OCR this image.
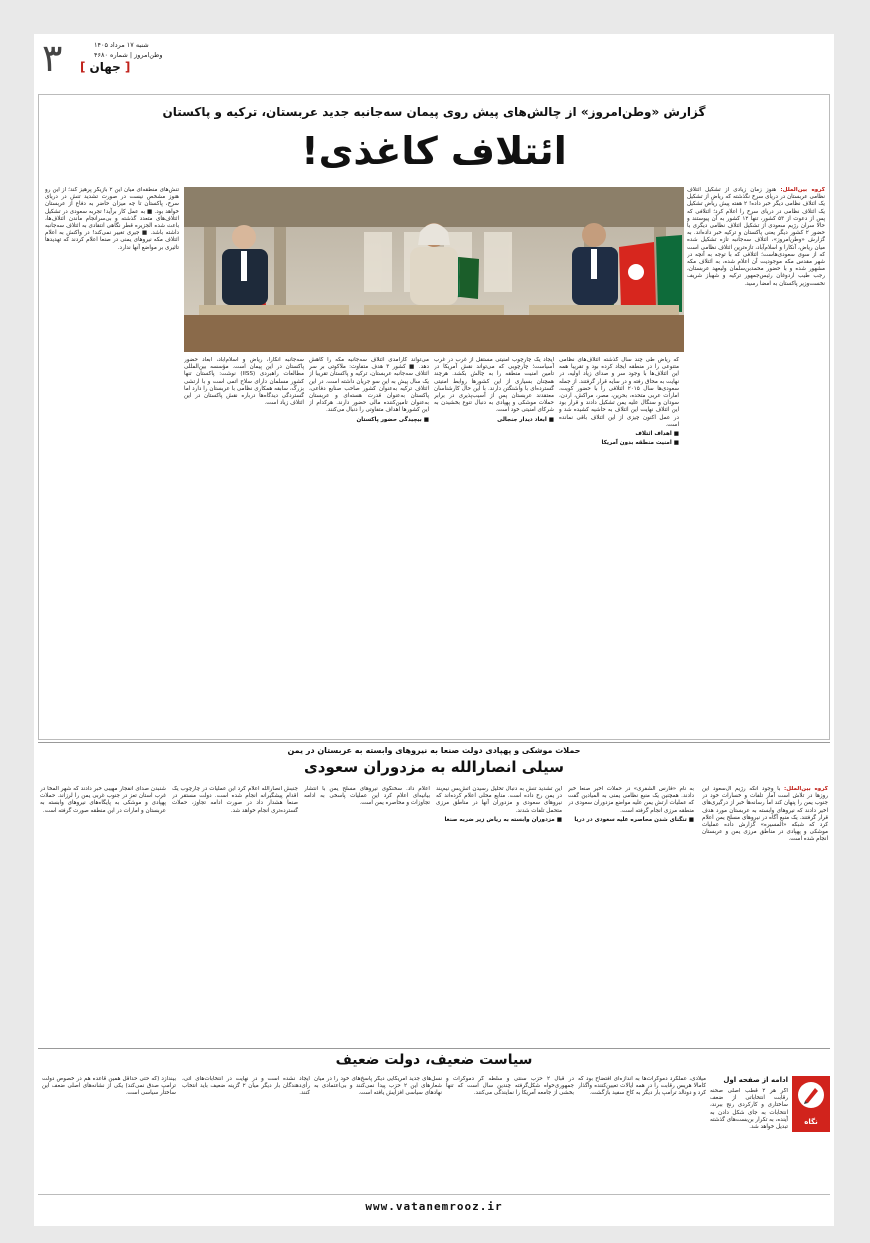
۳	شنبه ۱۷ مرداد ۱۴۰۵
وطن‌امروز | شماره ۴۶۸۰
[ جهان ]
گزارش «وطن‌امروز» از چالش‌های پیش روی پیمان سه‌جانبه جدید عربستان، ترکیه و پاکستان
ائتلاف کاغذی!
گروه بین‌الملل: هنوز زمان زیادی از تشکیل ائتلاف نظامی عربستان در دریای سرخ نگذشته که ریاض از تشکیل یک ائتلاف نظامی دیگر خبر داده! ۲ هفته پیش ریاض تشکیل یک ائتلاف نظامی در دریای سرخ را اعلام کرد؛ ائتلافی که پس از دعوت از ۵۳ کشور، تنها ۱۲ کشور به آن پیوستند و حالا سران رژیم سعودی از تشکیل ائتلاف نظامی دیگری با حضور ۲ کشور دیگر یعنی پاکستان و ترکیه خبر داده‌اند. به گزارش «وطن‌امروز»، ائتلاف سه‌جانبه تازه تشکیل شده میان ریاض، آنکارا و اسلام‌آباد، تازه‌ترین ائتلاف نظامی است که از سوی سعودی‌هاست؛ ائتلافی که با توجه به آنچه در شهر مقدس مکه موجودیت آن اعلام شده، به ائتلاف مکه مشهور شده و با حضور محمدبن‌سلمان ولیعهد عربستان، رجب طیب اردوغان رئیس‌جمهور ترکیه و شهباز شریف نخست‌وزیر پاکستان به امضا رسید.
که ریاض طی چند سال گذشته ائتلاف‌های نظامی متنوعی را در منطقه ایجاد کرده بود و تقریبا همه این ائتلاف‌ها با وجود سر و صدای زیاد اولیه، در نهایت به محاق رفته و در سایه قرار گرفتند. از جمله سعودی‌ها سال ۲۰۱۵ ائتلافی را با حضور کویت، امارات عربی متحده، بحرین، مصر، مراکش، اردن، سودان و سنگال علیه یمن تشکیل دادند و قرار بود این ائتلاف نهایت این ائتلاف به حاشیه کشیده شد و در عمل اکنون چیزی از این ائتلاف باقی نمانده است.
■ اهداف ائتلاف
■ امنیت منطقه بدون آمریکا
ایجاد یک چارچوب امنیتی مستقل از غرب در غرب آسیاست؛ چارچوبی که می‌تواند نقش آمریکا در تامین امنیت منطقه را به چالش بکشد. هرچند همچنان بسیاری از این کشورها روابط امنیتی گسترده‌ای با واشنگتن دارند. با این حال کارشناسان معتقدند عربستان پس از آسیب‌پذیری در برابر حملات موشکی و پهپادی به دنبال تنوع بخشیدن به شرکای امنیتی خود است.
■ ابعاد دیدار جنجالی
می‌تواند کارآمدی ائتلاف سه‌جانبه مکه را کاهش دهد. ■ کشور ۳ هدف متفاوت: ملاکوتی بر سر ائتلاف سه‌جانبه عربستان، ترکیه و پاکستان تقریبا از یک سال پیش به این سو جریان داشته است. در این ائتلاف ترکیه به‌عنوان کشور صاحب صنایع دفاعی، پاکستان به‌عنوان قدرت هسته‌ای و عربستان به‌عنوان تامین‌کننده مالی حضور دارند. هرکدام از این کشورها اهداف متفاوتی را دنبال می‌کنند.
■ بیچیدگی حضور پاکستان
سه‌جانبه آنکارا، ریاض و اسلام‌آباد، ابعاد حضور پاکستان در این پیمان است. مؤسسه بین‌المللی مطالعات راهبردی (IISS) نوشت: پاکستان تنها کشور مسلمان دارای سلاح اتمی است و با ارتشی بزرگ، سابقه همکاری نظامی با عربستان را دارد اما گستردگی دیدگاه‌ها درباره نقش پاکستان در این ائتلاف زیاد است.
تنش‌های منطقه‌ای میان این ۲ بازیگر پرهیز کند؛ از این رو هنوز مشخص نیست در صورت تشدید تنش در دریای سرخ، پاکستان تا چه میزان حاضر به دفاع از عربستان خواهد بود. ■ به عمل کار برآید! تجربه سعودی در تشکیل ائتلاف‌های متعدد گذشته و بی‌سرانجام ماندن ائتلاف‌ها، باعث شده الجزیره قطر نگاهی انتقادی به ائتلاف سه‌جانبه داشته باشد. ■ جیری تغییر نمی‌کند! در واکنش به اعلام ائتلاف مکه نیروهای یمنی در صنعا اعلام کردند که تهدیدها تاثیری بر مواضع آنها ندارد.
حملات موشکی و پهپادی دولت صنعا به نیروهای وابسته به عربستان در یمن
سیلی انصارالله به مزدوران سعودی
گروه بین‌الملل: با وجود آنکه رژیم آل‌سعود این روزها در تلاش است آمار تلفات و خسارات خود در جنوب یمن را پنهان کند اما رسانه‌ها خبر از درگیری‌های اخیر دادند که نیروهای وابسته به عربستان مورد هدف قرار گرفتند. یک منبع آگاه در نیروهای مسلح یمن اعلام کرد که شبکه «المسیره» گزارش داده عملیات موشکی و پهپادی در مناطق مرزی یمن و عربستان انجام شده است.
به نام «فارس الشفری» در حملات اخیر صنعا خبر دادند. همچنین یک منبع نظامی یمنی به المیادین گفت که عملیات ارتش یمن علیه مواضع مزدوران سعودی در منطقه مرزی انجام گرفته است.
■ تنگنای شدن محاصره علیه سعودی در دریا
این تشدید تنش به دنبال تحلیل رسیدن آتش‌بس نیم‌بند در یمن رخ داده است. منابع محلی اعلام کرده‌اند که نیروهای سعودی و مزدوران آنها در مناطق مرزی متحمل تلفات شدند.
■ مزدوران وابسته به ریاض زیر ضربه صنعا
اعلام داد. سخنگوی نیروهای مسلح یمن با انتشار بیانیه‌ای اعلام کرد این عملیات پاسخی به ادامه تجاوزات و محاصره یمن است.
جنبش انصارالله اعلام کرد این عملیات در چارچوب یک اقدام پیشگیرانه انجام شده است. دولت مستقر در صنعا هشدار داد در صورت ادامه تجاوز، حملات گسترده‌تری انجام خواهد شد.
شنبدن صدای انفجار مهیبی خبر دادند که شهر المخا در غرب استان تعز در جنوب غربی یمن را لرزاند. حملات پهپادی و موشکی به پایگاه‌های نیروهای وابسته به عربستان و امارات در این منطقه صورت گرفته است.
سیاست ضعیف، دولت ضعیف
نگاه
ادامه از صفحه اول
اگر هر ۲ قطب اصلی صحنه رقابت انتخاباتی از ضعف ساختاری و کارکردی رنج ببرند، انتخابات به جای شکل دادن به آینده، به تکرار بن‌بست‌های گذشته تبدیل خواهد شد.
میلادی، عملکرد دموکرات‌ها به اندازه‌ای افتضاح بود که کامالا هریس رقابت را در همه ایالات تعیین‌کننده واگذار کرد و دونالد ترامپ بار دیگر به کاخ سفید بازگشت.
در قبال ۲ حزب سنتی و سلطه گر دموکرات و جمهوری‌خواه شکل‌گرفته چندین سال است که تنها بخشی از جامعه آمریکا را نمایندگی می‌کنند.
نسل‌های جدید آمریکایی دیگر پاسخ‌های خود را در میان شعارهای این ۲ حزب پیدا نمی‌کنند و بی‌اعتمادی به نهادهای سیاسی افزایش یافته است.
ایجاد نشده است و در نهایت در انتخابات‌های آتی، رأی‌دهندگان بار دیگر میان ۲ گزینه ضعیف باید انتخاب کنند.
بیندازد (که حتی حداقل همین قاعده هم در خصوص دولت ترامپ صدق نمی‌کند) یکی از نشانه‌های اصلی ضعف این ساختار سیاسی است.
www.vatanemrooz.ir
